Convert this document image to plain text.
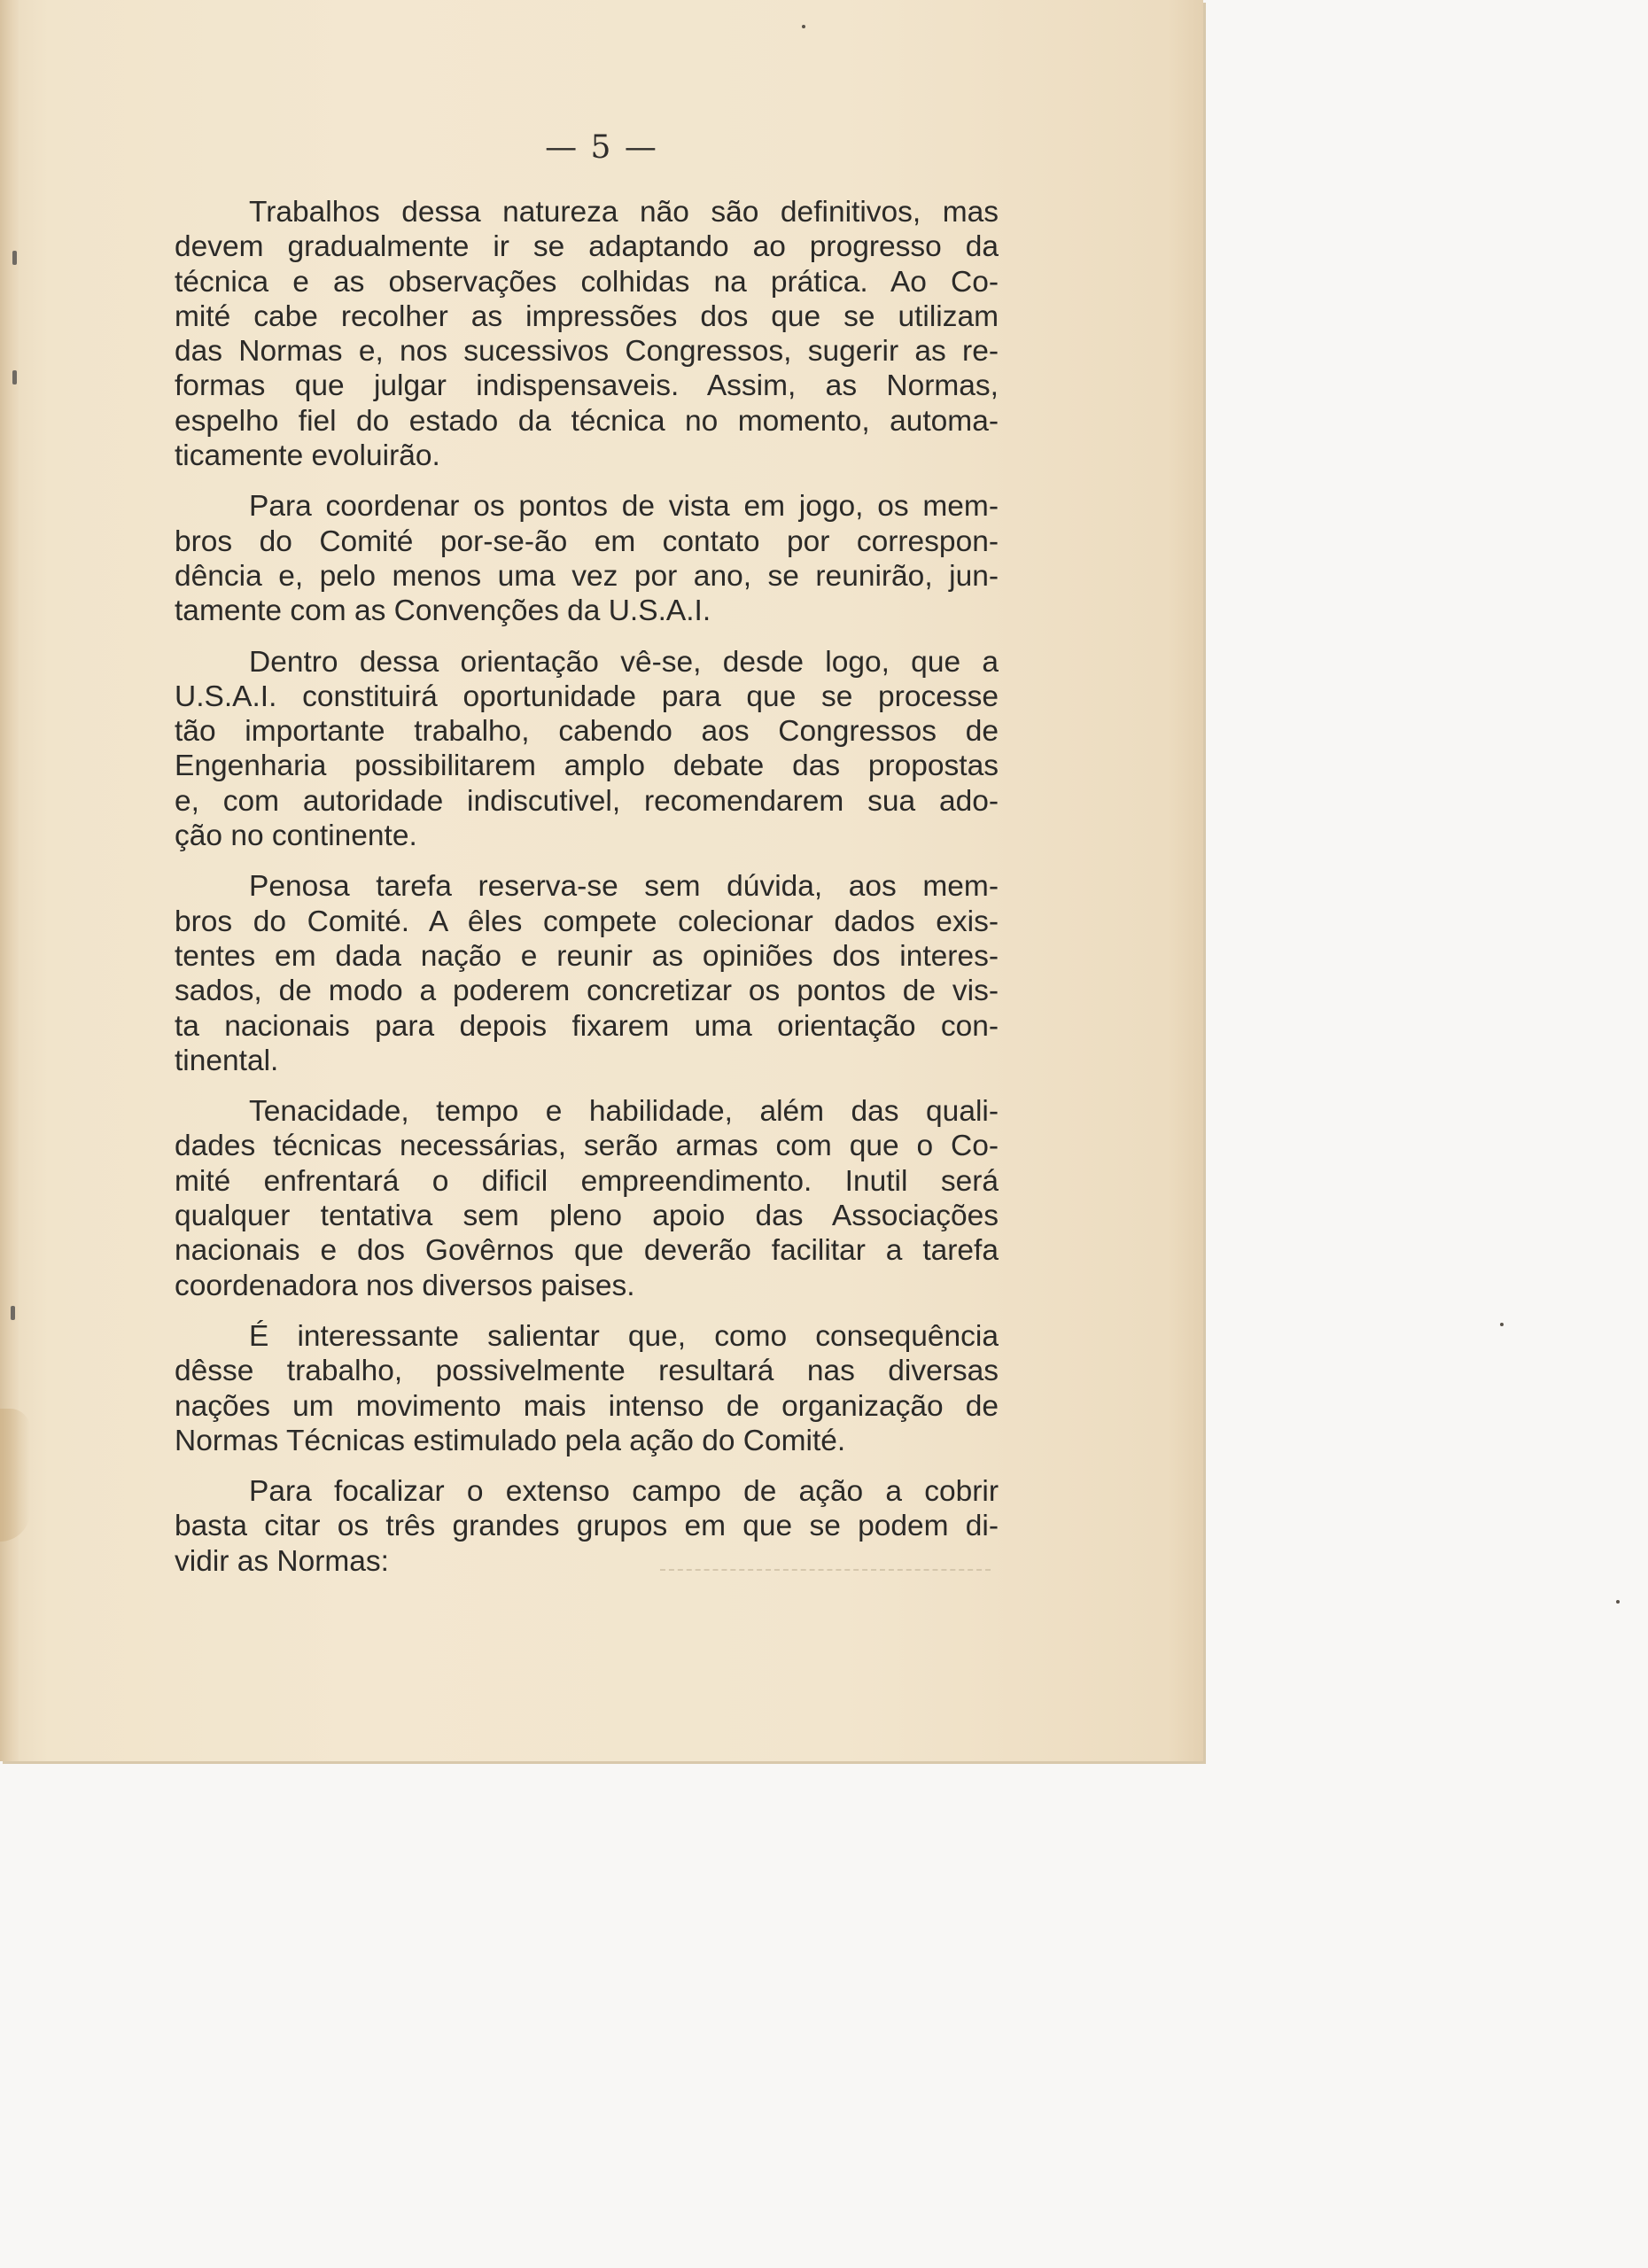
— 5 —
Trabalhos dessa natureza não são definitivos, mas
devem gradualmente ir se adaptando ao progresso da
técnica e as observações colhidas na prática. Ao Co-
mité cabe recolher as impressões dos que se utilizam
das Normas e, nos sucessivos Congressos, sugerir as re-
formas que julgar indispensaveis. Assim, as Normas,
espelho fiel do estado da técnica no momento, automa-
ticamente evoluirão.
Para coordenar os pontos de vista em jogo, os mem-
bros do Comité por-se-ão em contato por correspon-
dência e, pelo menos uma vez por ano, se reunirão, jun-
tamente com as Convenções da U.S.A.I.
Dentro dessa orientação vê-se, desde logo, que a
U.S.A.I. constituirá oportunidade para que se processe
tão importante trabalho, cabendo aos Congressos de
Engenharia possibilitarem amplo debate das propostas
e, com autoridade indiscutivel, recomendarem sua ado-
ção no continente.
Penosa tarefa reserva-se sem dúvida, aos mem-
bros do Comité. A êles compete colecionar dados exis-
tentes em dada nação e reunir as opiniões dos interes-
sados, de modo a poderem concretizar os pontos de vis-
ta nacionais para depois fixarem uma orientação con-
tinental.
Tenacidade, tempo e habilidade, além das quali-
dades técnicas necessárias, serão armas com que o Co-
mité enfrentará o dificil empreendimento. Inutil será
qualquer tentativa sem pleno apoio das Associações
nacionais e dos Govêrnos que deverão facilitar a tarefa
coordenadora nos diversos paises.
É interessante salientar que, como consequência
dêsse trabalho, possivelmente resultará nas diversas
nações um movimento mais intenso de organização de
Normas Técnicas estimulado pela ação do Comité.
Para focalizar o extenso campo de ação a cobrir
basta citar os três grandes grupos em que se podem di-
vidir as Normas:
